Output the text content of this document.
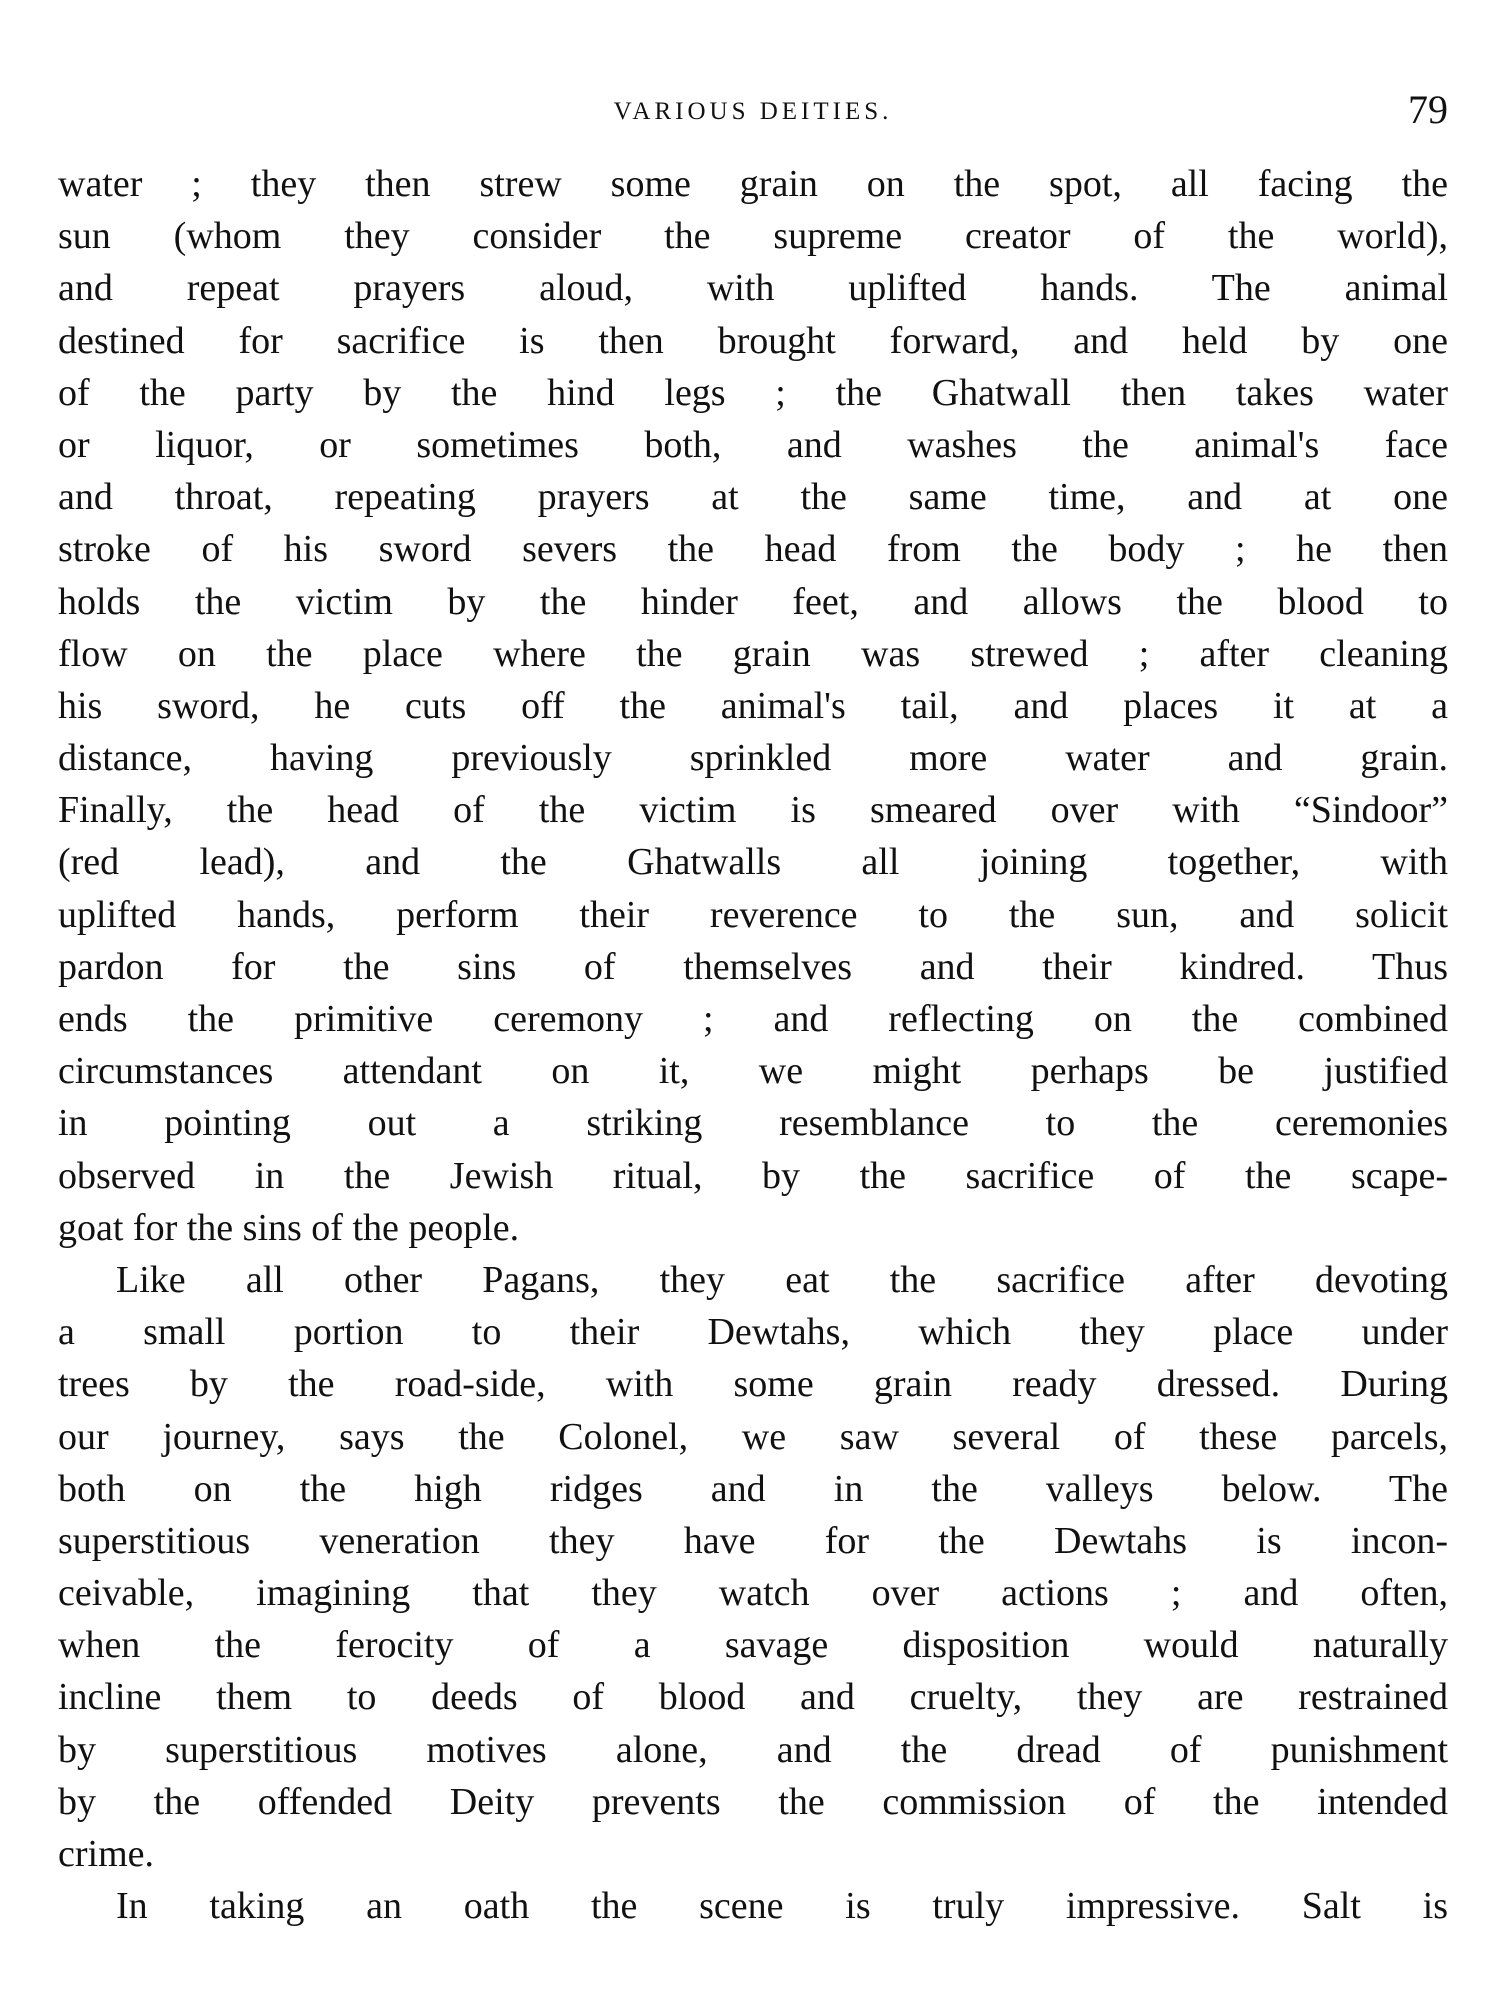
VARIOUS DEITIES.	79
water ; they then strew some grain on the spot, all facing the
sun (whom they consider the supreme creator of the world),
and repeat prayers aloud, with uplifted hands. The animal
destined for sacrifice is then brought forward, and held by one
of the party by the hind legs ; the Ghatwall then takes water
or liquor, or sometimes both, and washes the animal's face
and throat, repeating prayers at the same time, and at one
stroke of his sword severs the head from the body ; he then
holds the victim by the hinder feet, and allows the blood to
flow on the place where the grain was strewed ; after cleaning
his sword, he cuts off the animal's tail, and places it at a
distance, having previously sprinkled more water and grain.
Finally, the head of the victim is smeared over with “Sindoor”
(red lead), and the Ghatwalls all joining together, with
uplifted hands, perform their reverence to the sun, and solicit
pardon for the sins of themselves and their kindred. Thus
ends the primitive ceremony ; and reflecting on the combined
circumstances attendant on it, we might perhaps be justified
in pointing out a striking resemblance to the ceremonies
observed in the Jewish ritual, by the sacrifice of the scape-
goat for the sins of the people.
Like all other Pagans, they eat the sacrifice after devoting
a small portion to their Dewtahs, which they place under
trees by the road-side, with some grain ready dressed. During
our journey, says the Colonel, we saw several of these parcels,
both on the high ridges and in the valleys below. The
superstitious veneration they have for the Dewtahs is incon-
ceivable, imagining that they watch over actions ; and often,
when the ferocity of a savage disposition would naturally
incline them to deeds of blood and cruelty, they are restrained
by superstitious motives alone, and the dread of punishment
by the offended Deity prevents the commission of the intended
crime.
In taking an oath the scene is truly impressive. Salt is
